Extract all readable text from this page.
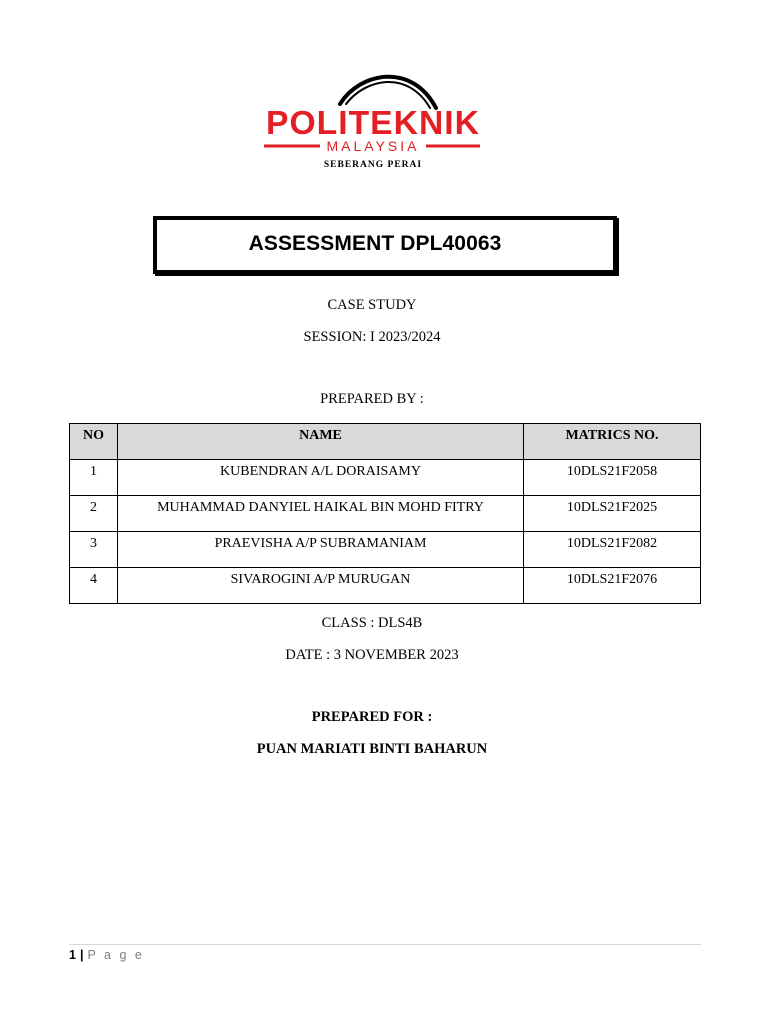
POLITEKNIK
MALAYSIA
SEBERANG PERAI
ASSESSMENT DPL40063
CASE STUDY
SESSION: I 2023/2024
PREPARED BY :
NO	NAME	MATRICS NO.
1	KUBENDRAN A/L DORAISAMY	10DLS21F2058
2	MUHAMMAD DANYIEL HAIKAL BIN MOHD FITRY	10DLS21F2025
3	PRAEVISHA A/P SUBRAMANIAM	10DLS21F2082
4	SIVAROGINI A/P MURUGAN	10DLS21F2076
CLASS : DLS4B
DATE : 3 NOVEMBER 2023
PREPARED FOR :
PUAN MARIATI BINTI BAHARUN
1 | P a g e
